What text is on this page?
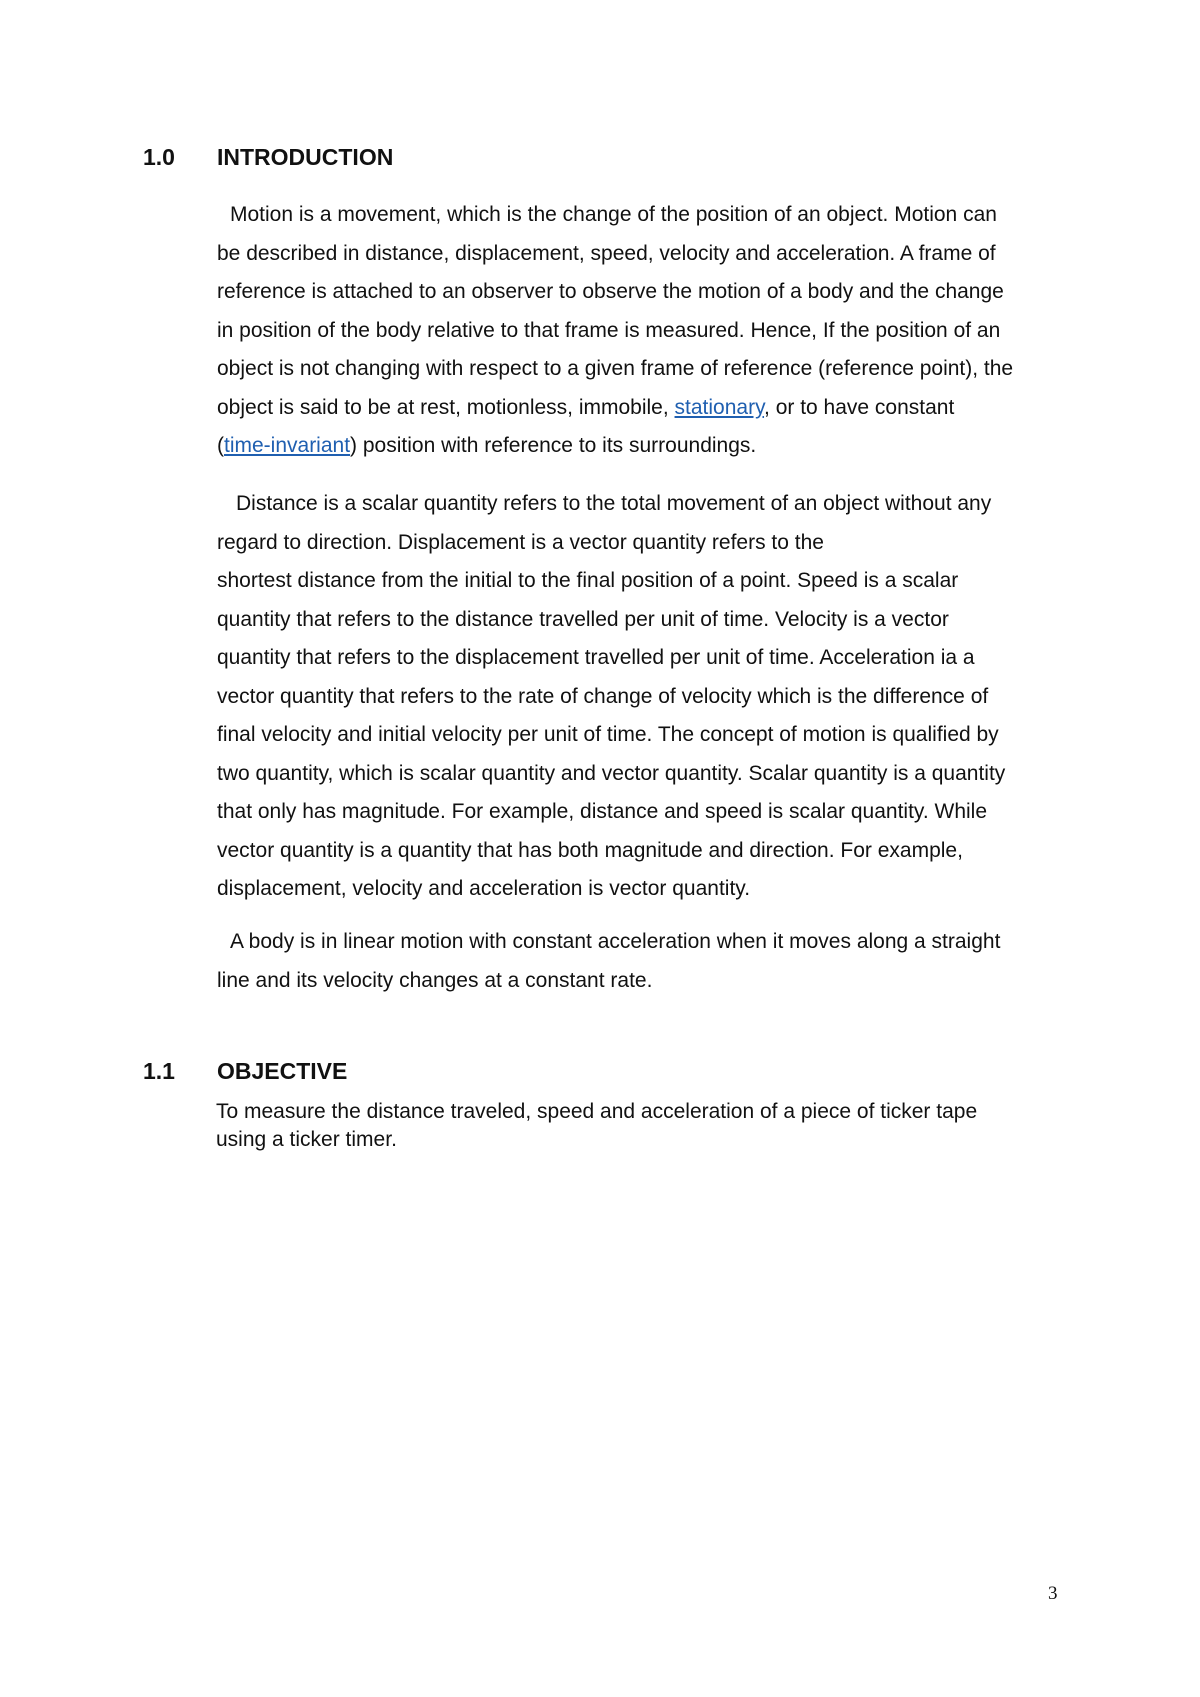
1.0 INTRODUCTION

Motion is a movement, which is the change of the position of an object. Motion can
be described in distance, displacement, speed, velocity and acceleration. A frame of
reference is attached to an observer to observe the motion of a body and the change
in position of the body relative to that frame is measured. Hence, If the position of an
object is not changing with respect to a given frame of reference (reference point), the
object is said to be at rest, motionless, immobile, stationary, or to have constant
(time-invariant) position with reference to its surroundings.

Distance is a scalar quantity refers to the total movement of an object without any
regard to direction. Displacement is a vector quantity refers to the
shortest distance from the initial to the final position of a point. Speed is a scalar
quantity that refers to the distance travelled per unit of time. Velocity is a vector
quantity that refers to the displacement travelled per unit of time. Acceleration ia a
vector quantity that refers to the rate of change of velocity which is the difference of
final velocity and initial velocity per unit of time. The concept of motion is qualified by
two quantity, which is scalar quantity and vector quantity. Scalar quantity is a quantity
that only has magnitude. For example, distance and speed is scalar quantity. While
vector quantity is a quantity that has both magnitude and direction. For example,
displacement, velocity and acceleration is vector quantity.

A body is in linear motion with constant acceleration when it moves along a straight
line and its velocity changes at a constant rate.

1.1 OBJECTIVE

To measure the distance traveled, speed and acceleration of a piece of ticker tape
using a ticker timer.

3
